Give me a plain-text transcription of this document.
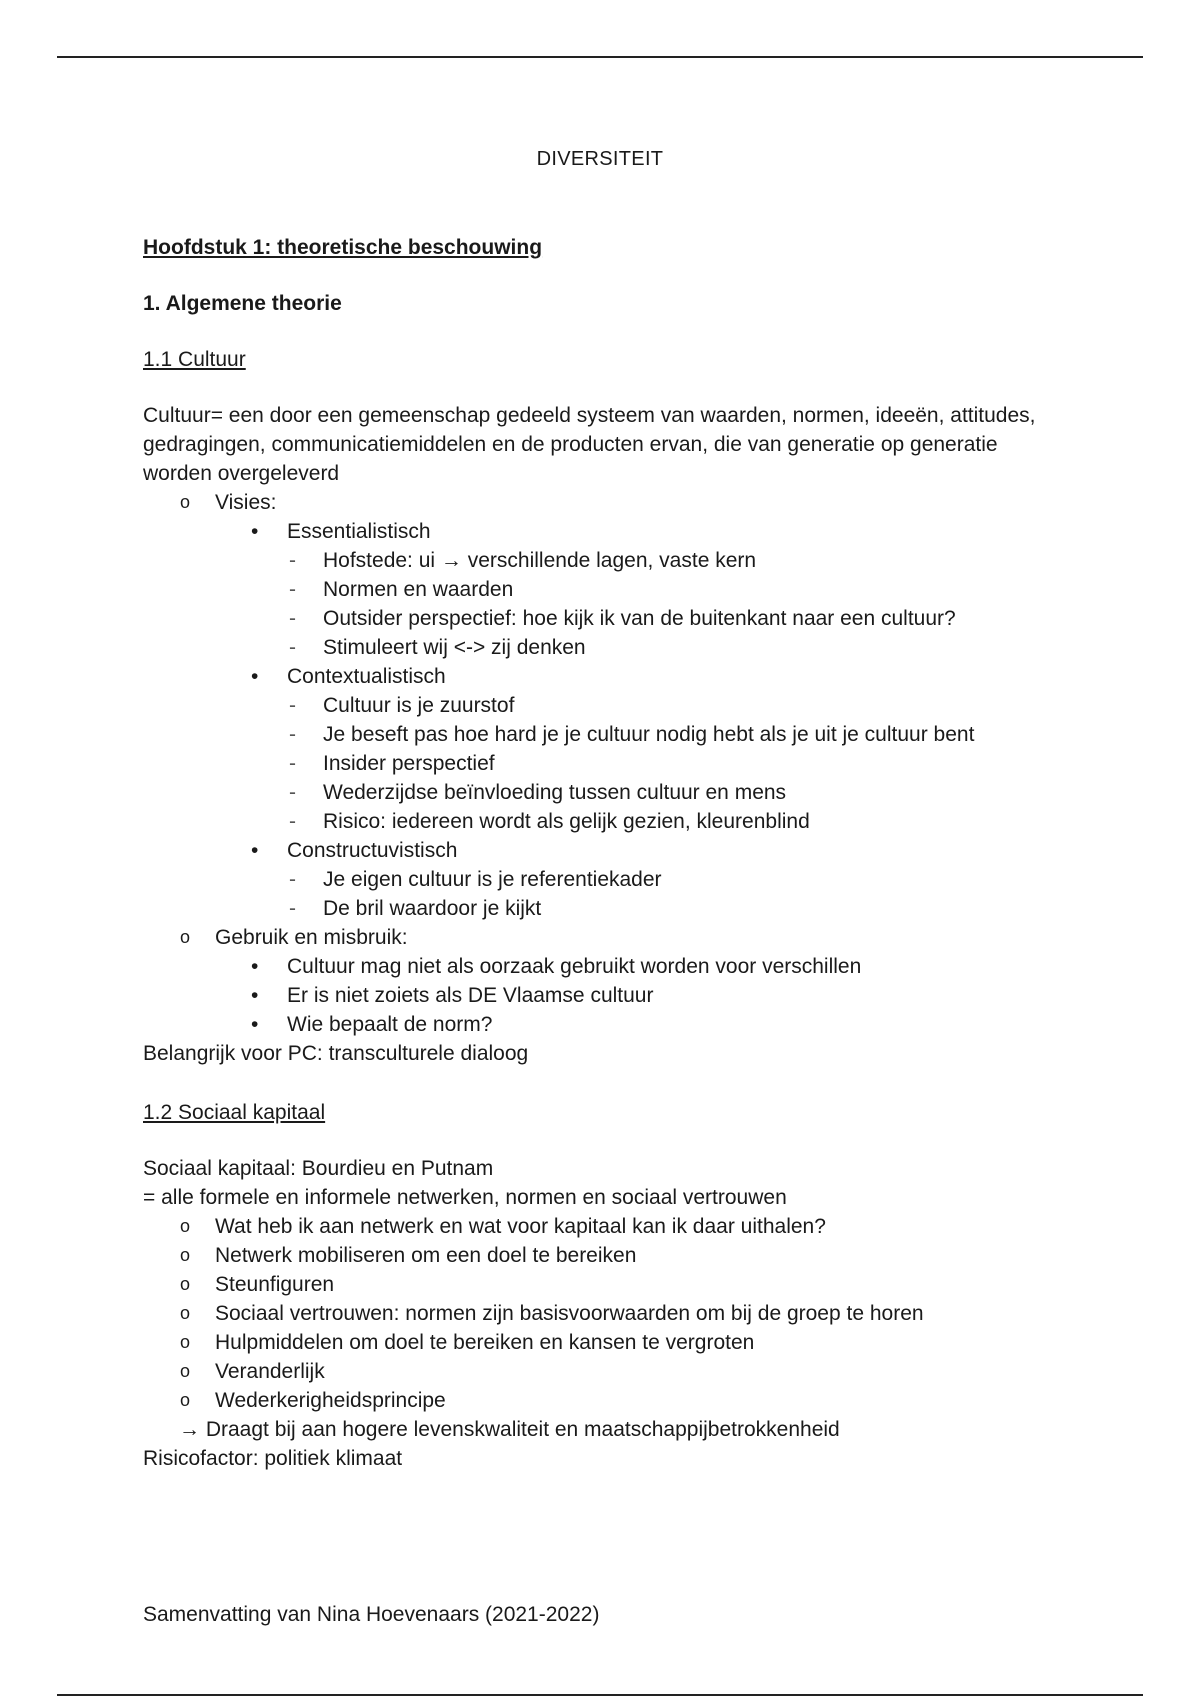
DIVERSITEIT
Hoofdstuk 1: theoretische beschouwing
1. Algemene theorie
1.1 Cultuur

Cultuur= een door een gemeenschap gedeeld systeem van waarden, normen, ideeën, attitudes, gedragingen, communicatiemiddelen en de producten ervan, die van generatie op generatie worden overgeleverd

o Visies:
• Essentialistisch
- Hofstede: ui → verschillende lagen, vaste kern
- Normen en waarden
- Outsider perspectief: hoe kijk ik van de buitenkant naar een cultuur?
- Stimuleert wij <-> zij denken
• Contextualistisch
- Cultuur is je zuurstof
- Je beseft pas hoe hard je je cultuur nodig hebt als je uit je cultuur bent
- Insider perspectief
- Wederzijdse beïnvloeding tussen cultuur en mens
- Risico: iedereen wordt als gelijk gezien, kleurenblind
• Constructuvistisch
- Je eigen cultuur is je referentiekader
- De bril waardoor je kijkt
o Gebruik en misbruik:
• Cultuur mag niet als oorzaak gebruikt worden voor verschillen
• Er is niet zoiets als DE Vlaamse cultuur
• Wie bepaalt de norm?

Belangrijk voor PC: transculturele dialoog

1.2 Sociaal kapitaal

Sociaal kapitaal: Bourdieu en Putnam

= alle formele en informele netwerken, normen en sociaal vertrouwen

o Wat heb ik aan netwerk en wat voor kapitaal kan ik daar uithalen?
o Netwerk mobiliseren om een doel te bereiken
o Steunfiguren
o Sociaal vertrouwen: normen zijn basisvoorwaarden om bij de groep te horen
o Hulpmiddelen om doel te bereiken en kansen te vergroten
o Veranderlijk
o Wederkerigheidsprincipe

→ Draagt bij aan hogere levenskwaliteit en maatschappijbetrokkenheid

Risicofactor: politiek klimaat

Samenvatting van Nina Hoevenaars (2021-2022)
